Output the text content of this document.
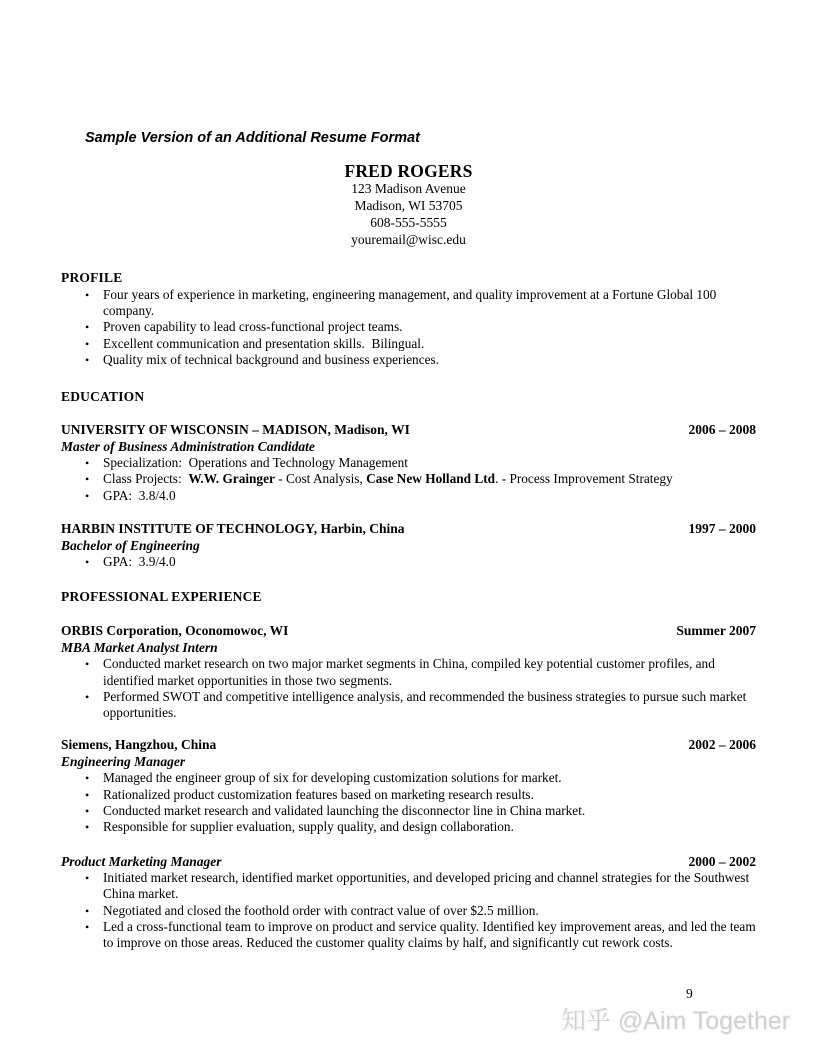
Sample Version of an Additional Resume Format
FRED ROGERS
123 Madison Avenue
Madison, WI 53705
608-555-5555
youremail@wisc.edu
PROFILE
•	Four years of experience in marketing, engineering management, and quality improvement at a Fortune Global 100 company.
•	Proven capability to lead cross-functional project teams.
•	Excellent communication and presentation skills.  Bilingual.
•	Quality mix of technical background and business experiences.
EDUCATION
UNIVERSITY OF WISCONSIN – MADISON, Madison, WI	2006 – 2008
Master of Business Administration Candidate
•	Specialization:  Operations and Technology Management
•	Class Projects:  W.W. Grainger - Cost Analysis, Case New Holland Ltd. - Process Improvement Strategy
•	GPA:  3.8/4.0
HARBIN INSTITUTE OF TECHNOLOGY, Harbin, China	1997 – 2000
Bachelor of Engineering
•	GPA:  3.9/4.0
PROFESSIONAL EXPERIENCE
ORBIS Corporation, Oconomowoc, WI	Summer 2007
MBA Market Analyst Intern
•	Conducted market research on two major market segments in China, compiled key potential customer profiles, and identified market opportunities in those two segments.
•	Performed SWOT and competitive intelligence analysis, and recommended the business strategies to pursue such market opportunities.
Siemens, Hangzhou, China	2002 – 2006
Engineering Manager
•	Managed the engineer group of six for developing customization solutions for market.
•	Rationalized product customization features based on marketing research results.
•	Conducted market research and validated launching the disconnector line in China market.
•	Responsible for supplier evaluation, supply quality, and design collaboration.
Product Marketing Manager	2000 – 2002
•	Initiated market research, identified market opportunities, and developed pricing and channel strategies for the Southwest China market.
•	Negotiated and closed the foothold order with contract value of over $2.5 million.
•	Led a cross-functional team to improve on product and service quality. Identified key improvement areas, and led the team to improve on those areas. Reduced the customer quality claims by half, and significantly cut rework costs.
9
知乎 @Aim Together
